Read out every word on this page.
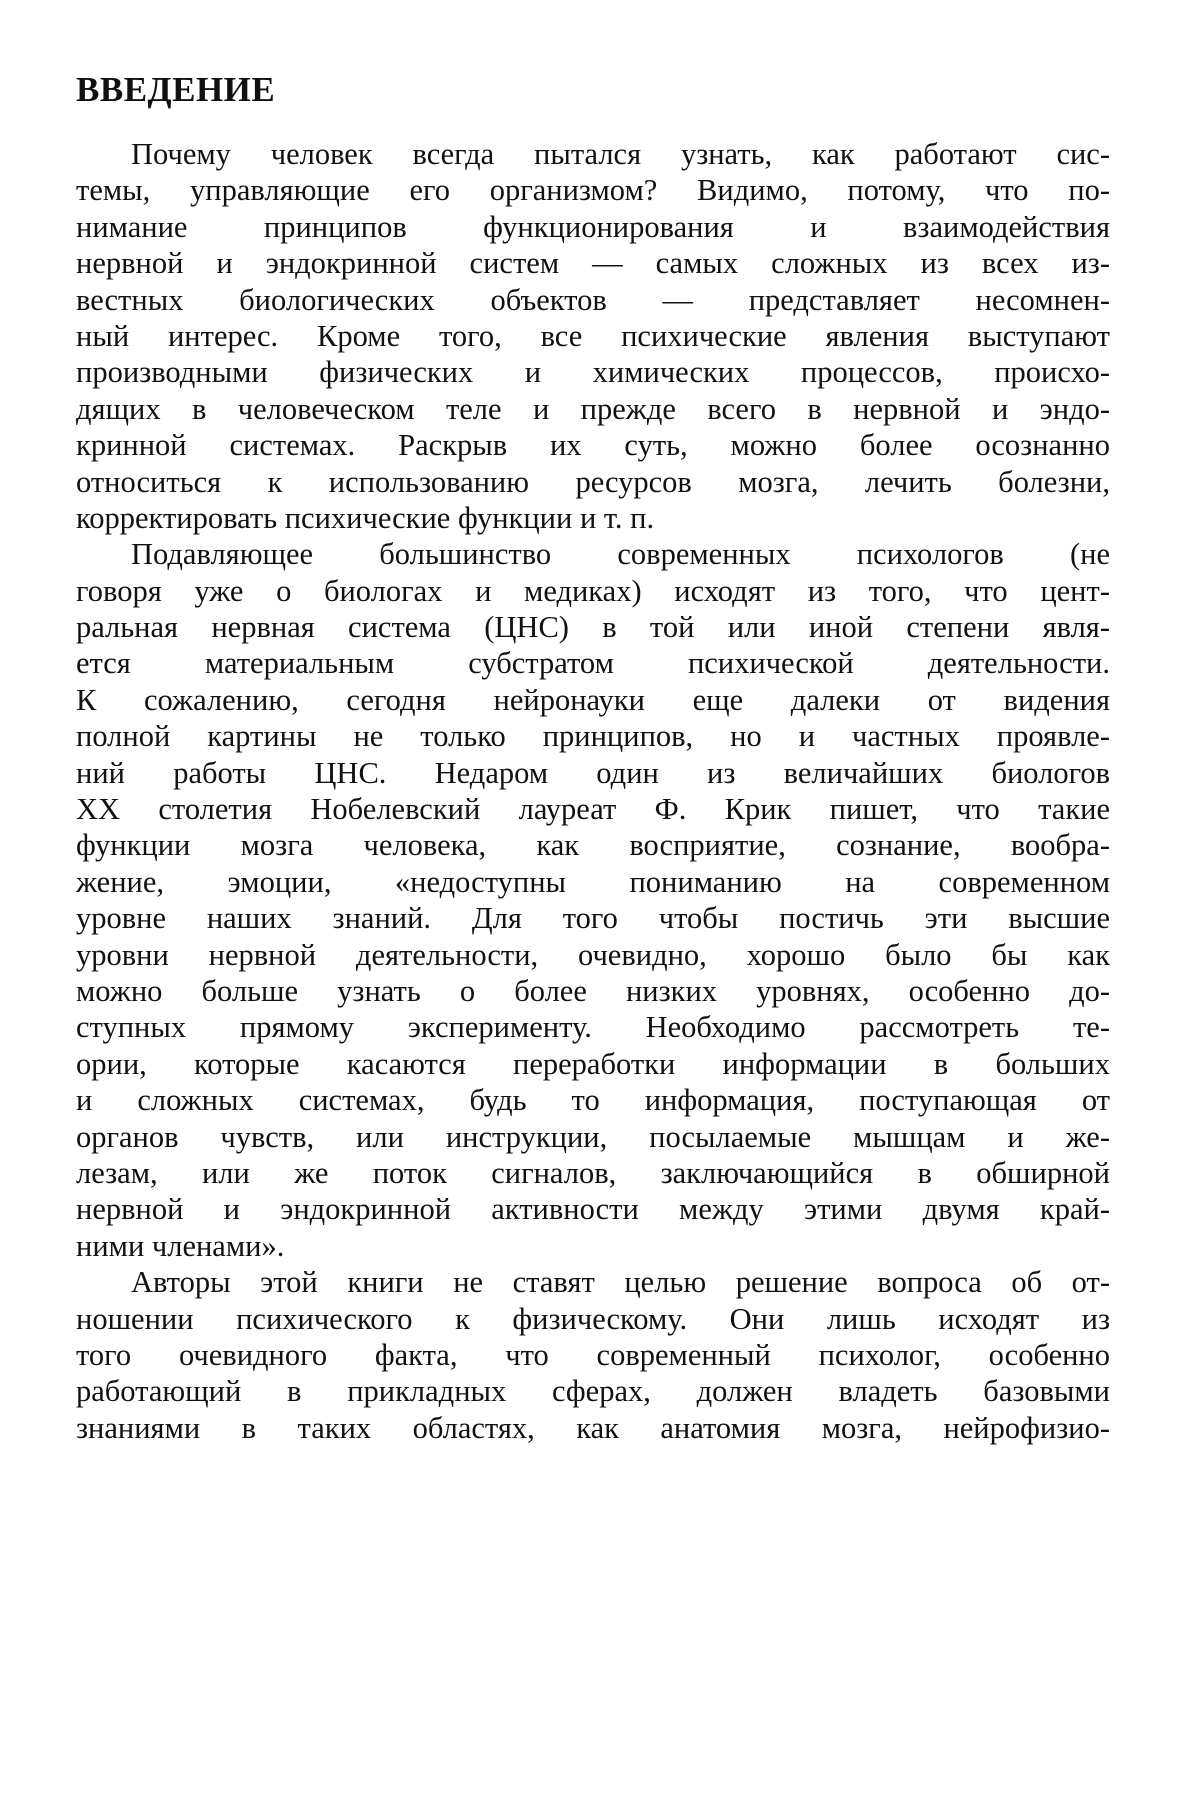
ВВЕДЕНИЕ
Почему человек всегда пытался узнать, как работают сис-
темы, управляющие его организмом? Видимо, потому, что по-
нимание принципов функционирования и взаимодействия
нервной и эндокринной систем — самых сложных из всех из-
вестных биологических объектов — представляет несомнен-
ный интерес. Кроме того, все психические явления выступают
производными физических и химических процессов, происхо-
дящих в человеческом теле и прежде всего в нервной и эндо-
кринной системах. Раскрыв их суть, можно более осознанно
относиться к использованию ресурсов мозга, лечить болезни,
корректировать психические функции и т. п.
Подавляющее большинство современных психологов (не
говоря уже о биологах и медиках) исходят из того, что цент-
ральная нервная система (ЦНС) в той или иной степени явля-
ется материальным субстратом психической деятельности.
К сожалению, сегодня нейронауки еще далеки от видения
полной картины не только принципов, но и частных проявле-
ний работы ЦНС. Недаром один из величайших биологов
XX столетия Нобелевский лауреат Ф. Крик пишет, что такие
функции мозга человека, как восприятие, сознание, вообра-
жение, эмоции, «недоступны пониманию на современном
уровне наших знаний. Для того чтобы постичь эти высшие
уровни нервной деятельности, очевидно, хорошо было бы как
можно больше узнать о более низких уровнях, особенно до-
ступных прямому эксперименту. Необходимо рассмотреть те-
ории, которые касаются переработки информации в больших
и сложных системах, будь то информация, поступающая от
органов чувств, или инструкции, посылаемые мышцам и же-
лезам, или же поток сигналов, заключающийся в обширной
нервной и эндокринной активности между этими двумя край-
ними членами».
Авторы этой книги не ставят целью решение вопроса об от-
ношении психического к физическому. Они лишь исходят из
того очевидного факта, что современный психолог, особенно
работающий в прикладных сферах, должен владеть базовыми
знаниями в таких областях, как анатомия мозга, нейрофизио-
